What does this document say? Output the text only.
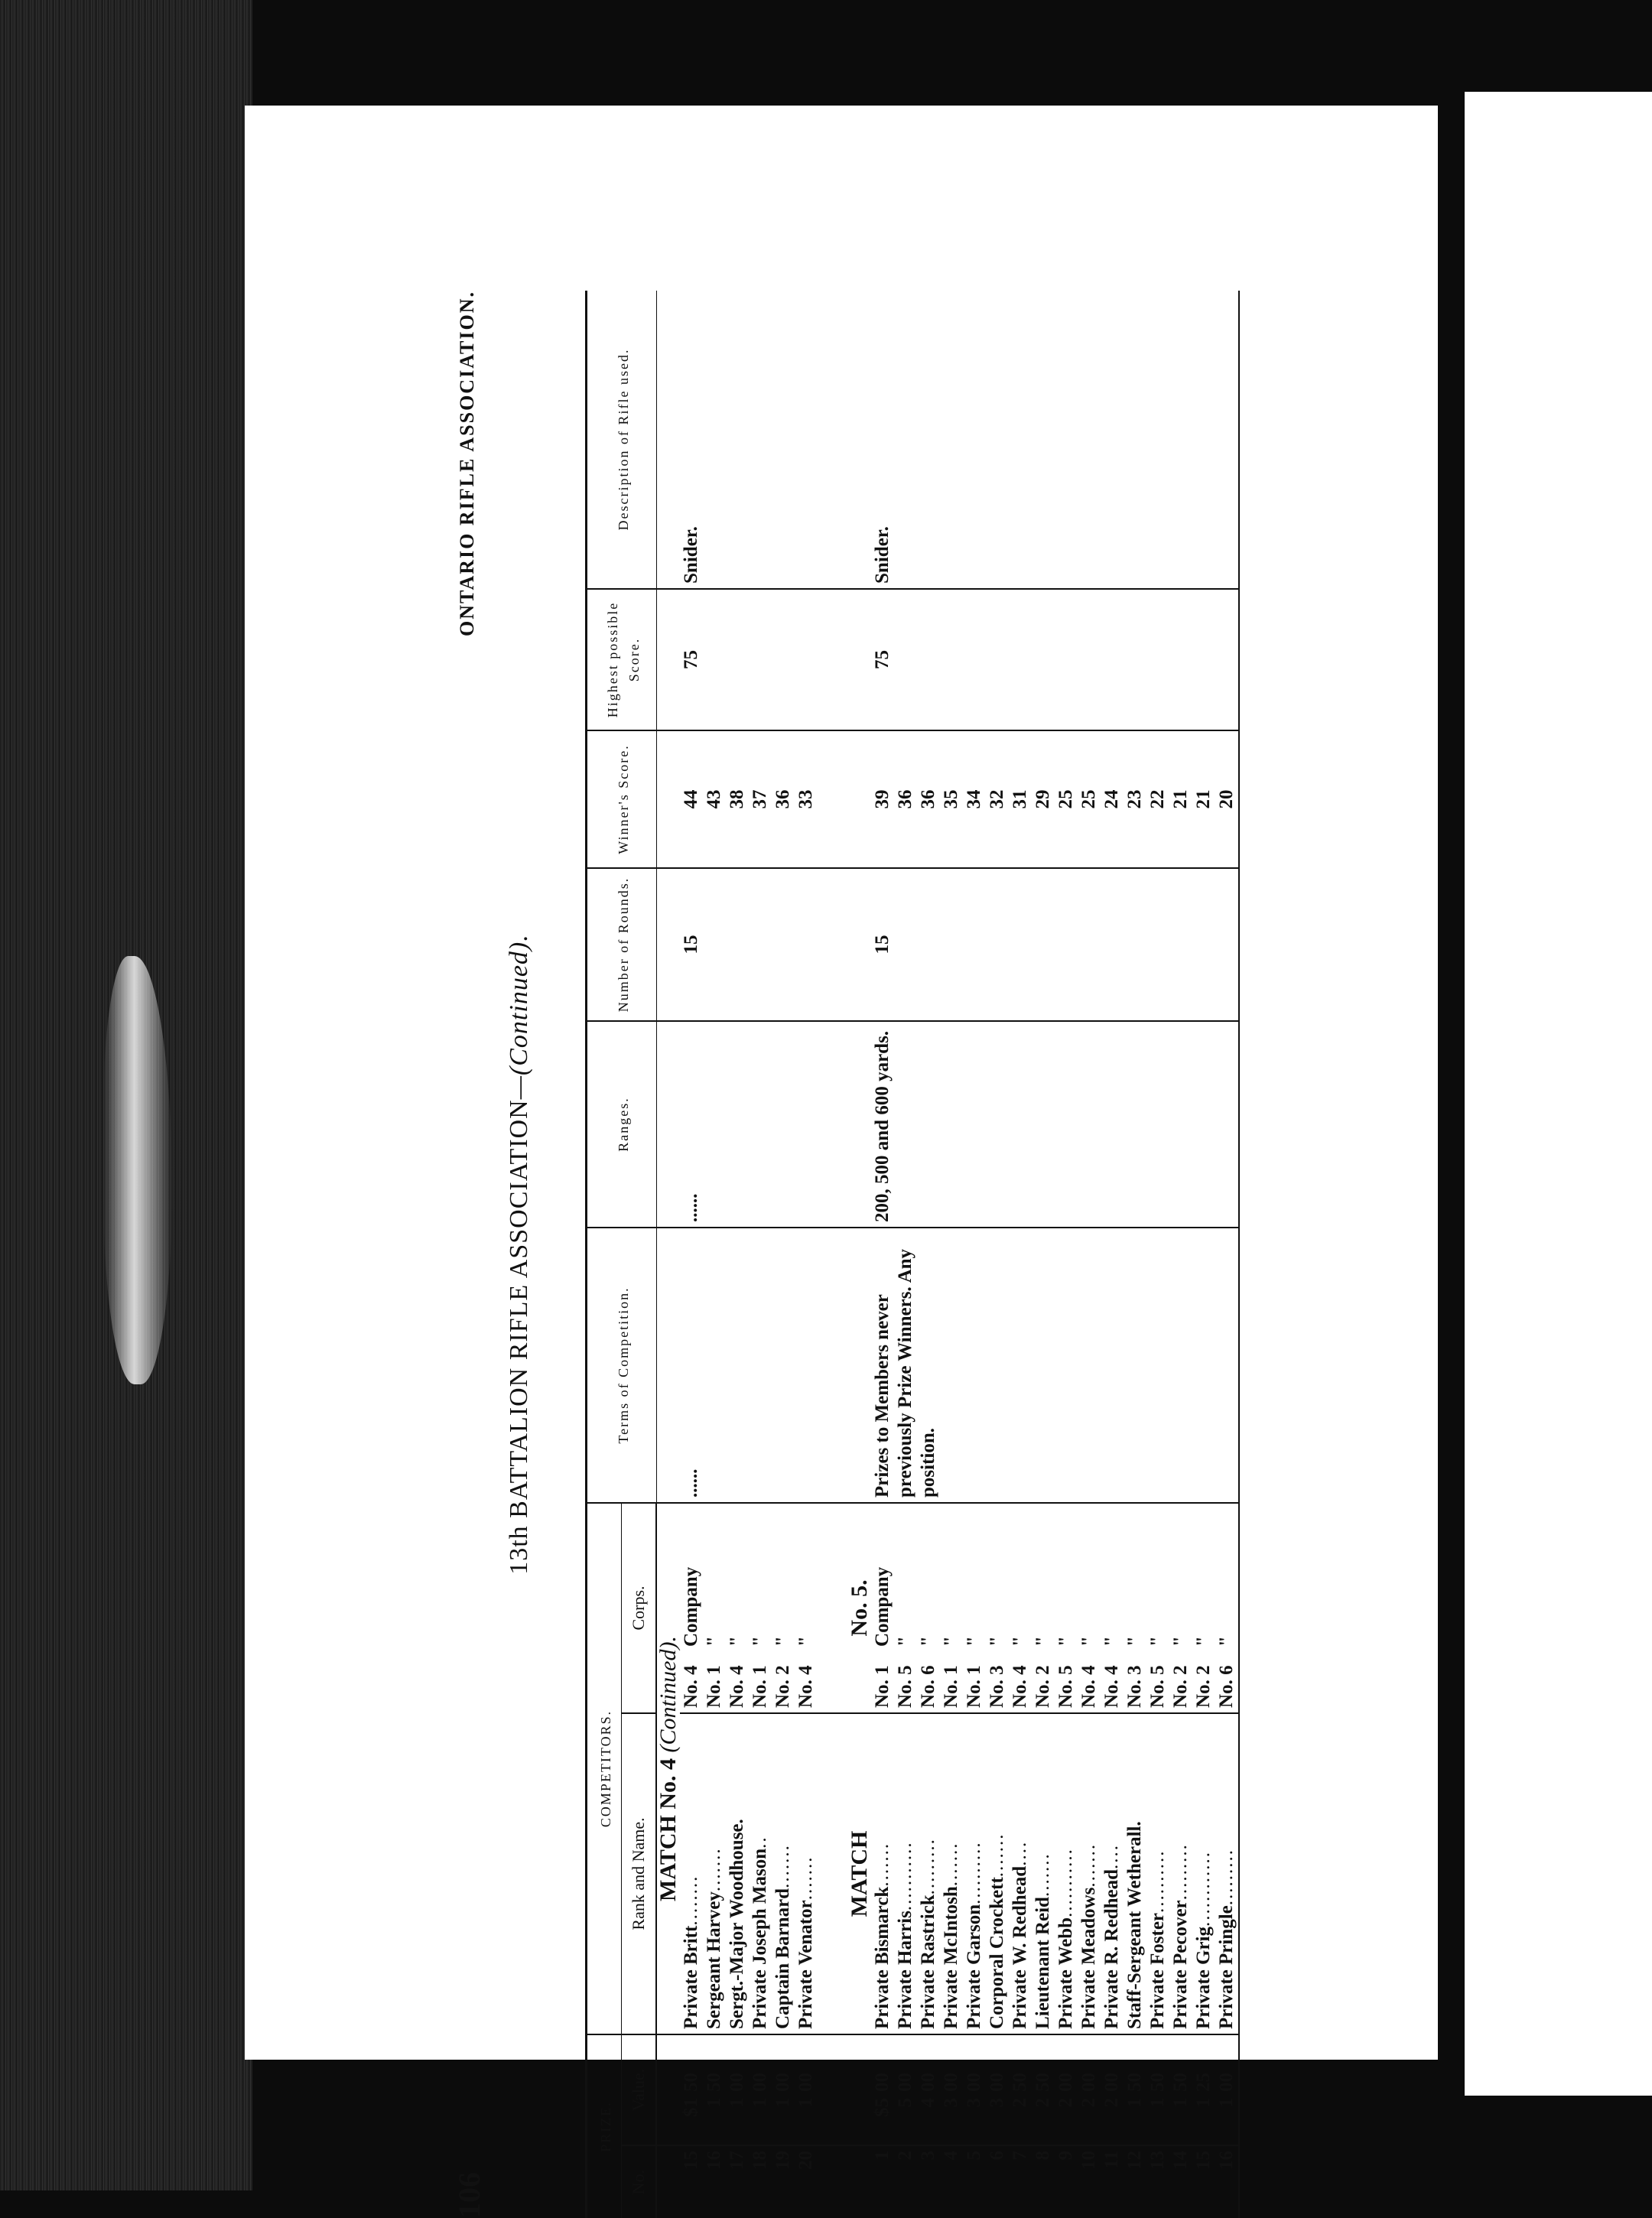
106
ONTARIO RIFLE ASSOCIATION.
13th BATTALION RIFLE ASSOCIATION—(Continued).
PRIZE.		COMPETITORS.		Terms of Competition.	Ranges.	Number of Rounds.	Winner's Score.	Highest possible Score.	Description of Rifle used.
No.	Value.	Rank and Name.	Corps.						
		MATCH No. 4 (Continued).							
15	$150	Private Britt........	No. 4Company	......	......	15	44	75	Snider.
16	150	Sergeant Harvey.......	No. 1"				43		
17	100	Sergt.-Major Woodhouse.	No. 4"				38		
18	100	Private Joseph Mason..	No. 1"				37		
19	100	Captain Barnard.......	No. 2"				36		
20	100	Private Venator.......	No. 4"				33		

		MATCH	No. 5.						
1	$500	Private Bismarck.......	No. 1Company	Prizes to Members never previously Prize Winners. Any position.	200, 500 and 600 yards.	15	39	75	Snider.
2	500	Private Harris...........	No. 5"				36		
3	400	Private Rastrick.........	No. 6"				36		
4	300	Private McIntosh.......	No. 1"				35		
5	300	Private Garson..........	No. 1"				34		
6	300	Corporal Crockett.......	No. 3"				32		
7	250	Private W. Redhead....	No. 4"				31		
8	250	Lieutenant Reid.......	No. 2"				29		
9	200	Private Webb...........	No. 5"				25		
10	200	Private Meadows.......	No. 4"				25		
11	200	Private R. Redhead....	No. 4"				24		
12	150	Staff-Sergeant Wetherall.	No. 3"				23		
13	150	Private Foster..........	No. 5"				22		
14	150	Private Pecover.........	No. 2"				21		
15	125	Private Grig............	No. 2"				21		
16	100	Private Pringle.........	No. 6"				20		
